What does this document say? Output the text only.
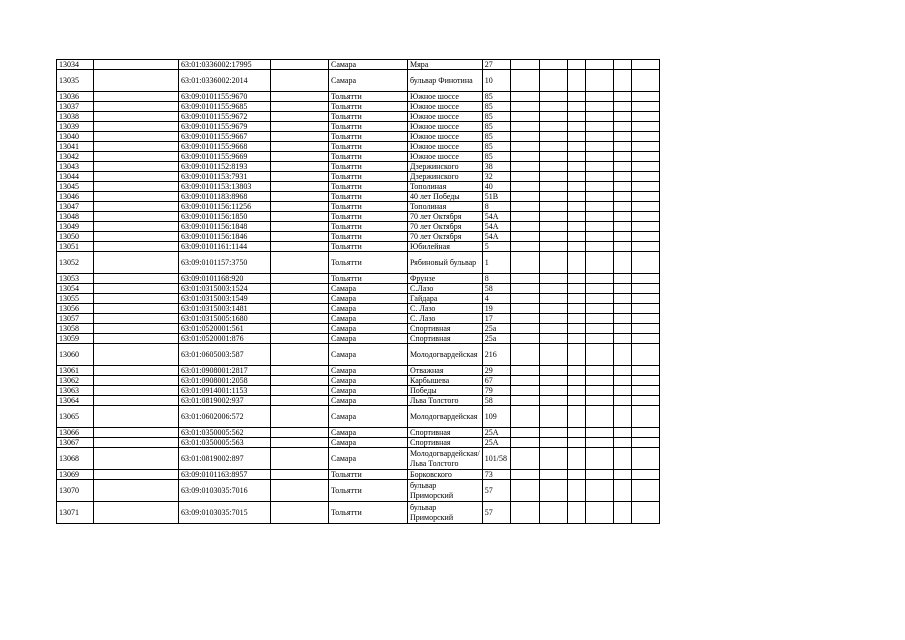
13034		63:01:0336002:17995		Самара	Мяра	27						
13035		63:01:0336002:2014		Самара	бульвар Финотина	10						
13036		63:09:0101155:9670		Тольятти	Южное шоссе	85						
13037		63:09:0101155:9685		Тольятти	Южное шоссе	85						
13038		63:09:0101155:9672		Тольятти	Южное шоссе	85						
13039		63:09:0101155:9679		Тольятти	Южное шоссе	85						
13040		63:09:0101155:9667		Тольятти	Южное шоссе	85						
13041		63:09:0101155:9668		Тольятти	Южное шоссе	85						
13042		63:09:0101155:9669		Тольятти	Южное шоссе	85						
13043		63:09:0101152:8193		Тольятти	Дзержинского	38						
13044		63:09:0101153:7931		Тольятти	Дзержинского	32						
13045		63:09:0101153:13803		Тольятти	Тополиная	40						
13046		63:09:0101183:8968		Тольятти	40 лет Победы	51В						
13047		63:09:0101156:11256		Тольятти	Тополиная	8						
13048		63:09:0101156:1850		Тольятти	70 лет Октября	54А						
13049		63:09:0101156:1848		Тольятти	70 лет Октября	54А						
13050		63:09:0101156:1846		Тольятти	70 лет Октября	54А						
13051		63:09:0101161:1144		Тольятти	Юбилейная	5						
13052		63:09:0101157:3750		Тольятти	Рябиновый бульвар	1						
13053		63:09:0101168:920		Тольятти	Фрунзе	8						
13054		63:01:0315003:1524		Самара	С.Лазо	58						
13055		63:01:0315003:1549		Самара	Гайдара	4						
13056		63:01:0315003:1481		Самара	С. Лазо	19						
13057		63:01:0315005:1680		Самара	С. Лазо	17						
13058		63:01:0520001:561		Самара	Спортивная	25а						
13059		63:01:0520001:876		Самара	Спортивная	25а						
13060		63:01:0605003:587		Самара	Молодогвардейская	216						
13061		63:01:0908001:2817		Самара	Отважная	29						
13062		63:01:0908001:2058		Самара	Карбышева	67						
13063		63:01:0914001:1153		Самара	Победы	79						
13064		63:01:0819002:937		Самара	Льва Толстого	58						
13065		63:01:0602006:572		Самара	Молодогвардейская	109						
13066		63:01:0350005:562		Самара	Спортивная	25А						
13067		63:01:0350005:563		Самара	Спортивная	25А						
13068		63:01:0819002:897		Самара	Молодогвардейская/ Льва Толстого	101/58						
13069		63:09:0101163:8957		Тольятти	Борковского	73						
13070		63:09:0103035:7016		Тольятти	бульвар Приморский	57						
13071		63:09:0103035:7015		Тольятти	бульвар Приморский	57						
